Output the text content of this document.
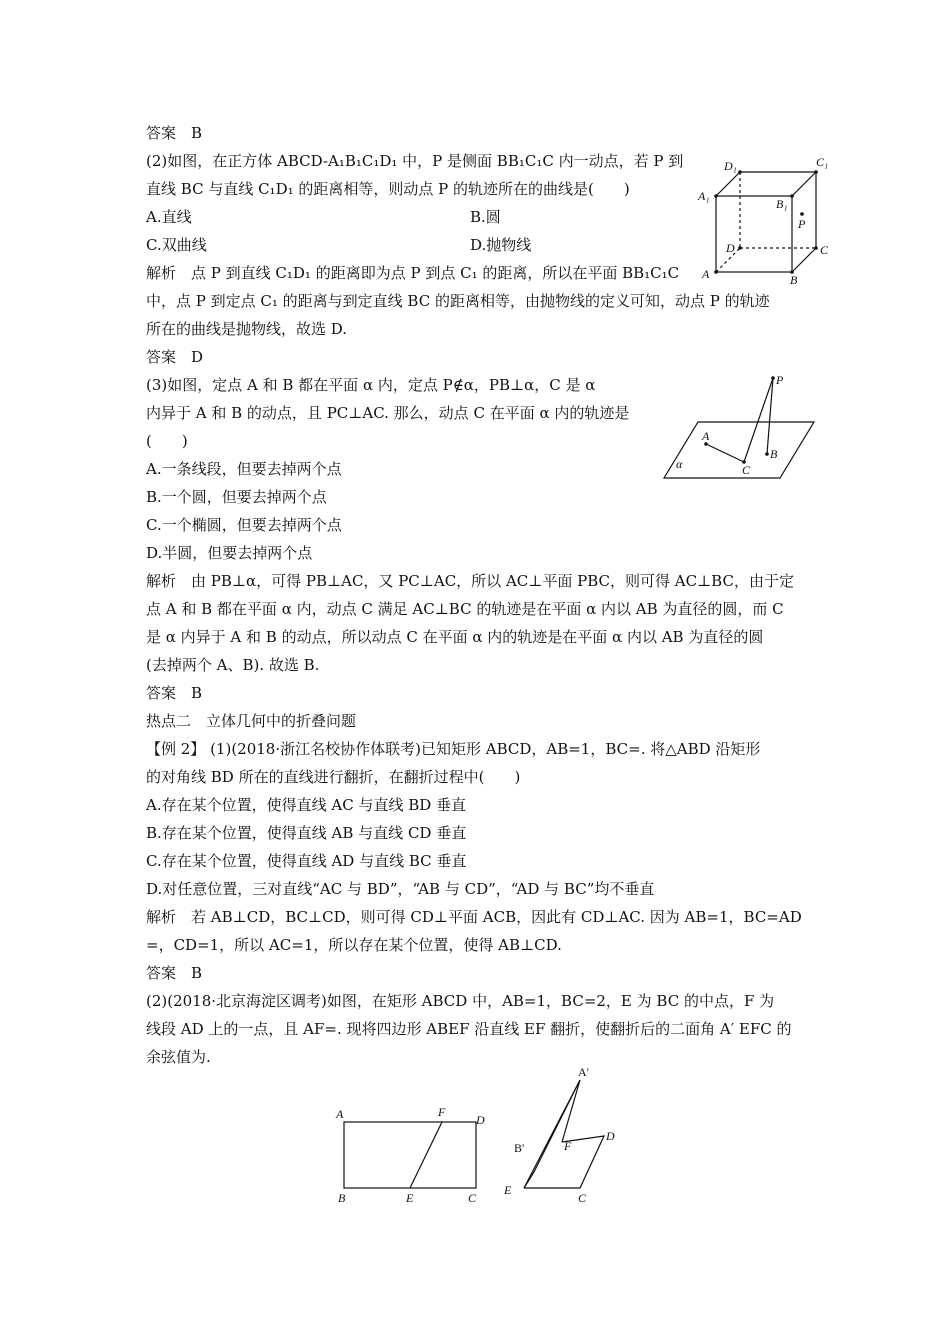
答案　B
(2)如图，在正方体 ABCD-A₁B₁C₁D₁ 中，P 是侧面 BB₁C₁C 内一动点，若 P 到
直线 BC 与直线 C₁D₁ 的距离相等，则动点 P 的轨迹所在的曲线是(　　)
A.直线	B.圆
C.双曲线	D.抛物线
解析　点 P 到直线 C₁D₁ 的距离即为点 P 到点 C₁ 的距离，所以在平面 BB₁C₁C
中，点 P 到定点 C₁ 的距离与到定直线 BC 的距离相等，由抛物线的定义可知，动点 P 的轨迹
所在的曲线是抛物线，故选 D.
答案　D
(3)如图，定点 A 和 B 都在平面 α 内，定点 P∉α，PB⊥α，C 是 α
内异于 A 和 B 的动点，且 PC⊥AC. 那么，动点 C 在平面 α 内的轨迹是
(　　)
A.一条线段，但要去掉两个点
B.一个圆，但要去掉两个点
C.一个椭圆，但要去掉两个点
D.半圆，但要去掉两个点
解析　由 PB⊥α，可得 PB⊥AC，又 PC⊥AC，所以 AC⊥平面 PBC，则可得 AC⊥BC，由于定
点 A 和 B 都在平面 α 内，动点 C 满足 AC⊥BC 的轨迹是在平面 α 内以 AB 为直径的圆，而 C
是 α 内异于 A 和 B 的动点，所以动点 C 在平面 α 内的轨迹是在平面 α 内以 AB 为直径的圆
(去掉两个 A、B). 故选 B.
答案　B
热点二　立体几何中的折叠问题
【例 2】 (1)(2018·浙江名校协作体联考)已知矩形 ABCD，AB=1，BC=. 将△ABD 沿矩形
的对角线 BD 所在的直线进行翻折，在翻折过程中(　　)
A.存在某个位置，使得直线 AC 与直线 BD 垂直
B.存在某个位置，使得直线 AB 与直线 CD 垂直
C.存在某个位置，使得直线 AD 与直线 BC 垂直
D.对任意位置，三对直线“AC 与 BD”，“AB 与 CD”，“AD 与 BC”均不垂直
解析　若 AB⊥CD，BC⊥CD，则可得 CD⊥平面 ACB，因此有 CD⊥AC. 因为 AB=1，BC=AD
=，CD=1，所以 AC=1，所以存在某个位置，使得 AB⊥CD.
答案　B
(2)(2018·北京海淀区调考)如图，在矩形 ABCD 中，AB=1，BC=2，E 为 BC 的中点，F 为
线段 AD 上的一点，且 AF=. 现将四边形 ABEF 沿直线 EF 翻折，使翻折后的二面角 A′ EFC 的
余弦值为.
D₁	C₁
A₁
B₁
P
D	C
A	B
P
A
B
C
α
A	F
D
B	E	C
A′
B′	F
D
E
C
